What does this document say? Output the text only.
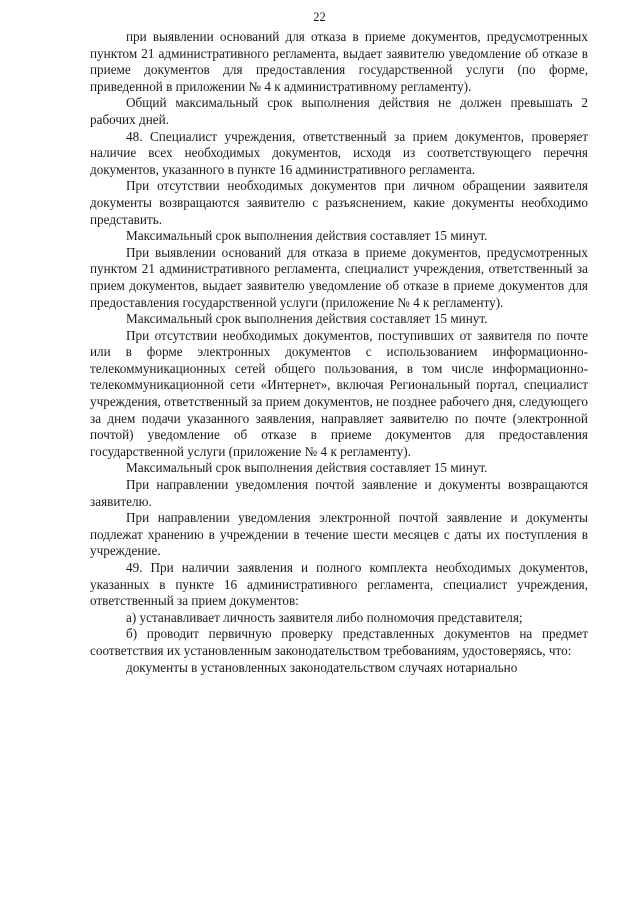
22

при выявлении оснований для отказа в приеме документов, предусмотренных пунктом 21 административного регламента, выдает заявителю уведомление об отказе в приеме документов для предоставления государственной услуги (по форме, приведенной в приложении № 4 к административному регламенту).

Общий максимальный срок выполнения действия не должен превышать 2 рабочих дней.

48. Специалист учреждения, ответственный за прием документов, проверяет наличие всех необходимых документов, исходя из соответствующего перечня документов, указанного в пункте 16 административного регламента.

При отсутствии необходимых документов при личном обращении заявителя документы возвращаются заявителю с разъяснением, какие документы необходимо представить.

Максимальный срок выполнения действия составляет 15 минут.

При выявлении оснований для отказа в приеме документов, предусмотренных пунктом 21 административного регламента, специалист учреждения, ответственный за прием документов, выдает заявителю уведомление об отказе в приеме документов для предоставления государственной услуги (приложение № 4 к регламенту).

Максимальный срок выполнения действия составляет 15 минут.

При отсутствии необходимых документов, поступивших от заявителя по почте или в форме электронных документов с использованием информационно-телекоммуникационных сетей общего пользования, в том числе информационно-телекоммуникационной сети «Интернет», включая Региональный портал, специалист учреждения, ответственный за прием документов, не позднее рабочего дня, следующего за днем подачи указанного заявления, направляет заявителю по почте (электронной почтой) уведомление об отказе в приеме документов для предоставления государственной услуги (приложение № 4 к регламенту).

Максимальный срок выполнения действия составляет 15 минут.

При направлении уведомления почтой заявление и документы возвращаются заявителю.

При направлении уведомления электронной почтой заявление и документы подлежат хранению в учреждении в течение шести месяцев с даты их поступления в учреждение.

49. При наличии заявления и полного комплекта необходимых документов, указанных в пункте 16 административного регламента, специалист учреждения, ответственный за прием документов:

а) устанавливает личность заявителя либо полномочия представителя;

б) проводит первичную проверку представленных документов на предмет соответствия их установленным законодательством требованиям, удостоверяясь, что:

документы в установленных законодательством случаях нотариально
